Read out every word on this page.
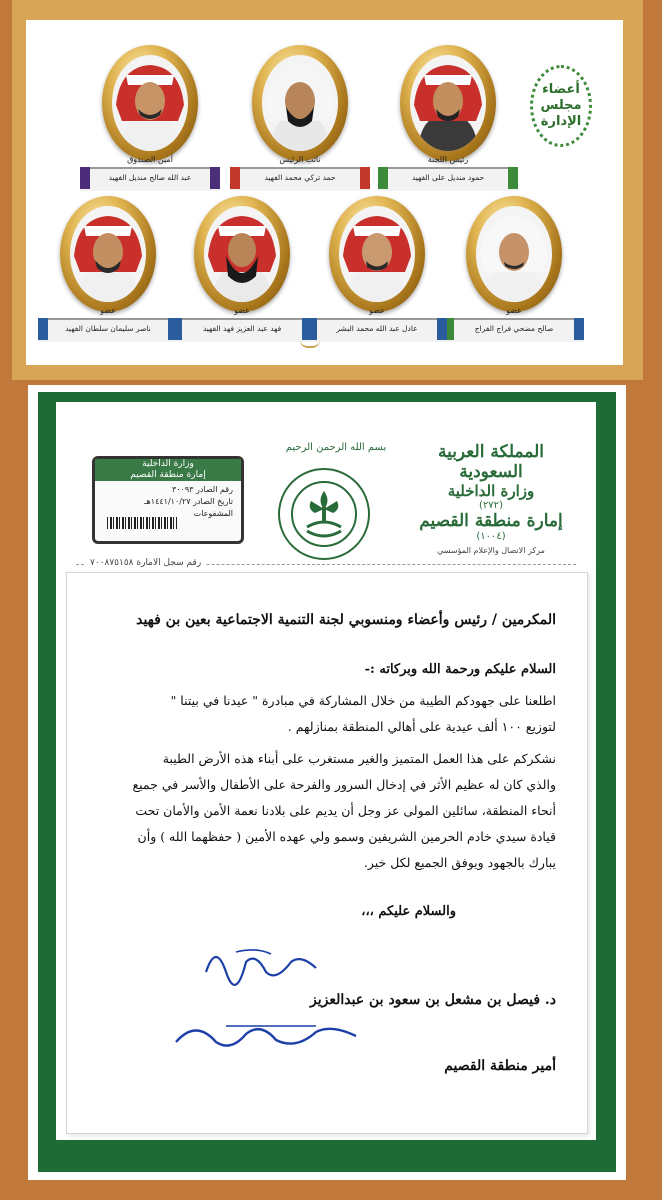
أعضاء
مجلس
الإدارة
رئيس اللجنة
حمود مندیل علی الفهید
نائب الرئيس
حمد تركي محمد الفهيد
أمين الصندوق
عبد الله صالح منديل الفهيد
عضو
صالح مضحي فراج الفراج
عضو
عادل عبد الله محمد البشر
عضو
فهد عبد العزيز فهد الفهيد
عضو
ناصر سليمان سلطان الفهيد
المملكة العربية السعودية
وزارة الداخلية
(٢٧٢)
إمارة منطقة القصيم
(١٠٠٤)
مركز الاتصال والإعلام المؤسسي
بسم الله الرحمن الرحيم
وزارة الداخلية
إمارة منطقة القصيم
رقم الصادر ٣٠٠٩٣
تاريخ الصادر ١٤٤١/١٠/٢٧هـ
المشفوعات
رقم سجل الامارة ٧٠٠٨٧٥١٥٨
المكرمين / رئيس وأعضاء ومنسوبي لجنة التنمية الاجتماعية بعين بن فهيد
السلام عليكم ورحمة الله وبركاته :-

اطلعنا على جهودكم الطيبة من خلال المشاركة في مبادرة " عيدنا في بيتنا "

لتوزيع ١٠٠ ألف عيدية على أهالي المنطقة بمنازلهم .

نشكركم على هذا العمل المتميز والغير مستغرب على أبناء هذه الأرض الطيبة

والذي كان له عظيم الأثر في إدخال السرور والفرحة على الأطفال والأسر في جميع

أنحاء المنطقة، سائلين المولى عز وجل أن يديم على بلادنا نعمة الأمن والأمان تحت

قيادة سيدي خادم الحرمين الشريفين وسمو ولي عهده الأمين ( حفظهما الله ) وأن

يبارك بالجهود ويوفق الجميع لكل خير.

والسلام عليكم ،،،
د. فيصل بن مشعل بن سعود بن عبدالعزيز
أمير منطقة القصيم
